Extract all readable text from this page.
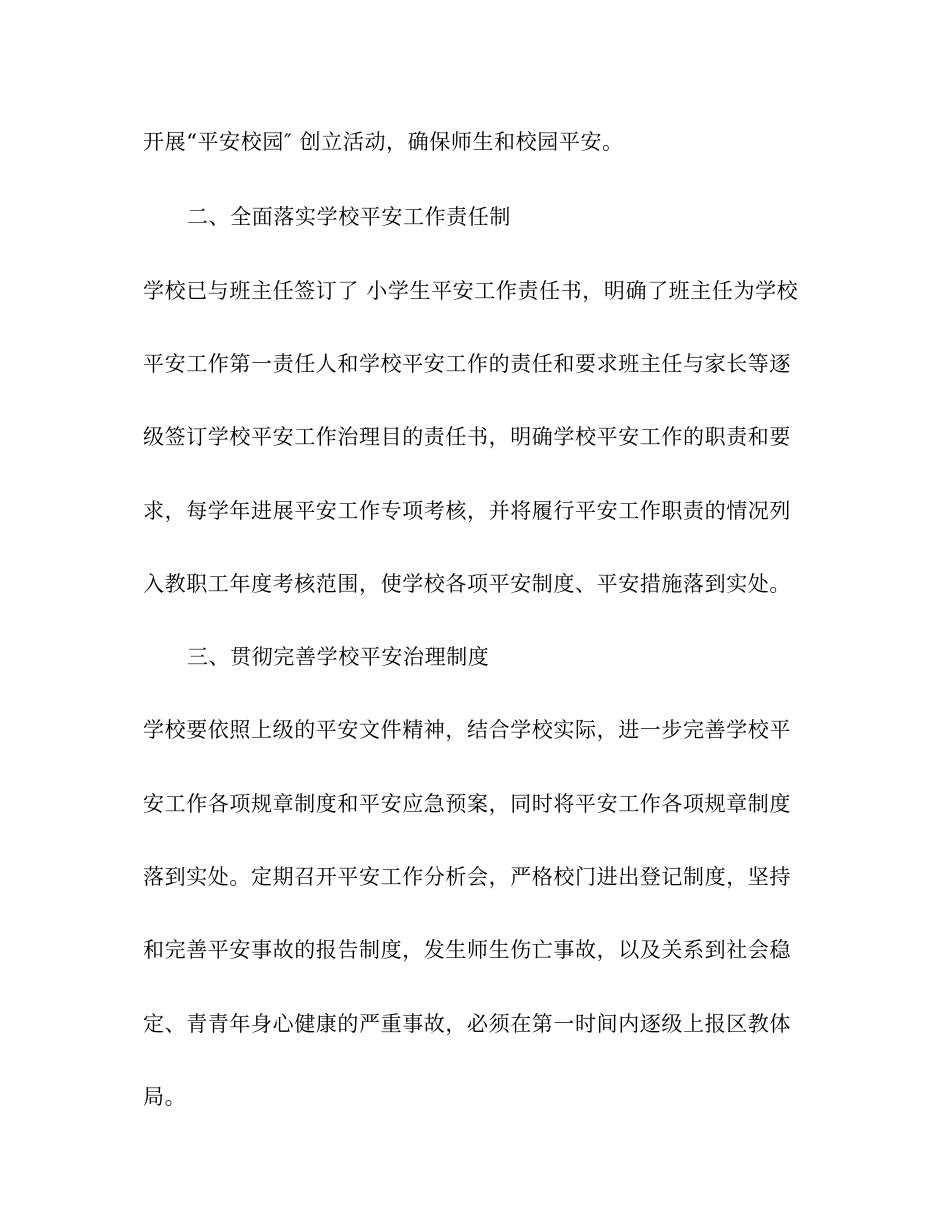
开展“平安校园″ 创立活动，确保师生和校园平安。
二、全面落实学校平安工作责任制
学校已与班主任签订了 小学生平安工作责任书，明确了班主任为学校
平安工作第一责任人和学校平安工作的责任和要求班主任与家长等逐
级签订学校平安工作治理目的责任书，明确学校平安工作的职责和要
求，每学年进展平安工作专项考核，并将履行平安工作职责的情况列
入教职工年度考核范围，使学校各项平安制度、平安措施落到实处。
三、贯彻完善学校平安治理制度
学校要依照上级的平安文件精神，结合学校实际，进一步完善学校平
安工作各项规章制度和平安应急预案，同时将平安工作各项规章制度
落到实处。定期召开平安工作分析会，严格校门进出登记制度，坚持
和完善平安事故的报告制度，发生师生伤亡事故，以及关系到社会稳
定、青青年身心健康的严重事故，必须在第一时间内逐级上报区教体
局。
